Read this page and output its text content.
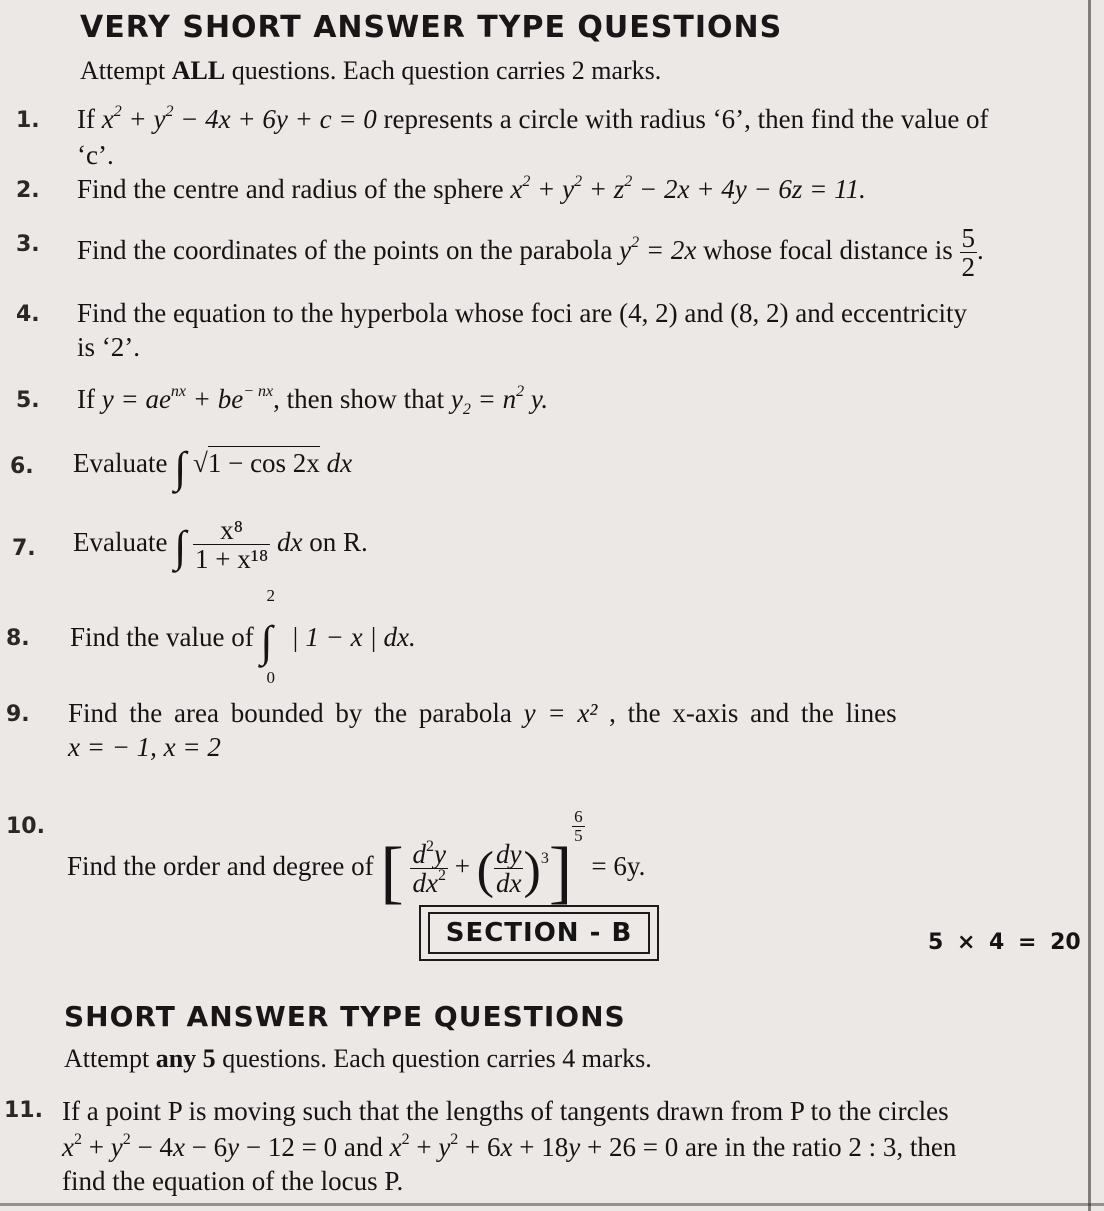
VERY SHORT ANSWER TYPE QUESTIONS
Attempt ALL questions. Each question carries 2 marks.
1. If $x^2 + y^2 - 4x + 6y + c = 0$ represents a circle with radius ‘6’, then find the value of
‘c’.
2. Find the centre and radius of the sphere $x^2 + y^2 + z^2 - 2x + 4y - 6z = 11$.
3. Find the coordinates of the points on the parabola $y^2 = 2x$ whose focal distance is $\frac{5}{2}$ .
4. Find the equation to the hyperbola whose foci are (4, 2) and (8, 2) and eccentricity
is ‘2’.
5. If $y = ae^{nx} + be^{- nx}$, then show that $y_2 = n^2$ y.
6. Evaluate ∫ √1 − cos 2x dx
7. Evaluate ∫ $\frac{\text{x⁸}}{\text{1 + x¹⁸}}$ dx on R.
8. Find the value of
2
∫
0
| 1 − x | dx.
9. Find the area bounded by the parabola y = x² , the x-axis and the lines
x = − 1, x = 2
10.
Find the order and degree of [ $\frac{d^2y}{dx^2}$ + ( $\frac{dy}{dx} )^3$]
$\frac{6}{5}$
= 6y.
SECTION - B	5 × 4 = 20
SHORT ANSWER TYPE QUESTIONS
Attempt any 5 questions. Each question carries 4 marks.
11. If a point P is moving such that the lengths of tangents drawn from P to the circles
$x^2 + y^2 - 4x - 6y - 12 = 0$ and $x^2 + y^2 + 6x + 18y + 26 = 0$ are in the ratio 2 : 3, then
find the equation of the locus P.
